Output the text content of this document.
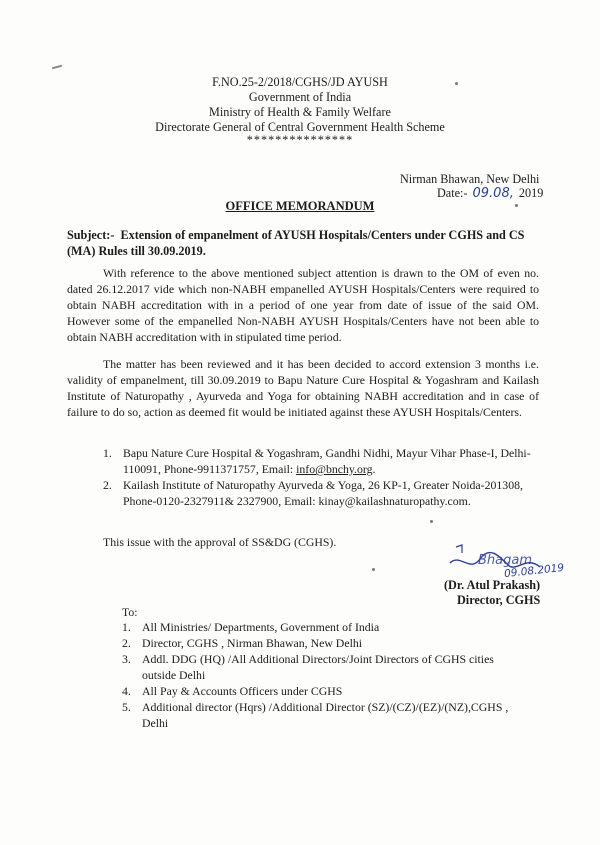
F.NO.25-2/2018/CGHS/JD AYUSH
Government of India
Ministry of Health & Family Welfare
Directorate General of Central Government Health Scheme
***************
Nirman Bhawan, New Delhi
Date:- 09.08, 2019
OFFICE MEMORANDUM
Subject:- Extension of empanelment of AYUSH Hospitals/Centers under CGHS and CS (MA) Rules till 30.09.2019.
With reference to the above mentioned subject attention is drawn to the OM of even no. dated 26.12.2017 vide which non-NABH empanelled AYUSH Hospitals/Centers were required to obtain NABH accreditation with in a period of one year from date of issue of the said OM. However some of the empanelled Non-NABH AYUSH Hospitals/Centers have not been able to obtain NABH accreditation with in stipulated time period.
The matter has been reviewed and it has been decided to accord extension 3 months i.e. validity of empanelment, till 30.09.2019 to Bapu Nature Cure Hospital & Yogashram and Kailash Institute of Naturopathy , Ayurveda and Yoga for obtaining NABH accreditation and in case of failure to do so, action as deemed fit would be initiated against these AYUSH Hospitals/Centers.
1. Bapu Nature Cure Hospital & Yogashram, Gandhi Nidhi, Mayur Vihar Phase-I, Delhi-110091, Phone-9911371757, Email: info@bnchy.org.
2. Kailash Institute of Naturopathy Ayurveda & Yoga, 26 KP-1, Greater Noida-201308, Phone-0120-2327911& 2327900, Email: kinay@kailashnaturopathy.com.
This issue with the approval of SS&DG (CGHS).
Bhagam
09.08.2019
(Dr. Atul Prakash)
Director, CGHS
To:
1. All Ministries/ Departments, Government of India
2. Director, CGHS , Nirman Bhawan, New Delhi
3. Addl. DDG (HQ) /All Additional Directors/Joint Directors of CGHS cities outside Delhi
4. All Pay & Accounts Officers under CGHS
5. Additional director (Hqrs) /Additional Director (SZ)/(CZ)/(EZ)/(NZ),CGHS , Delhi
